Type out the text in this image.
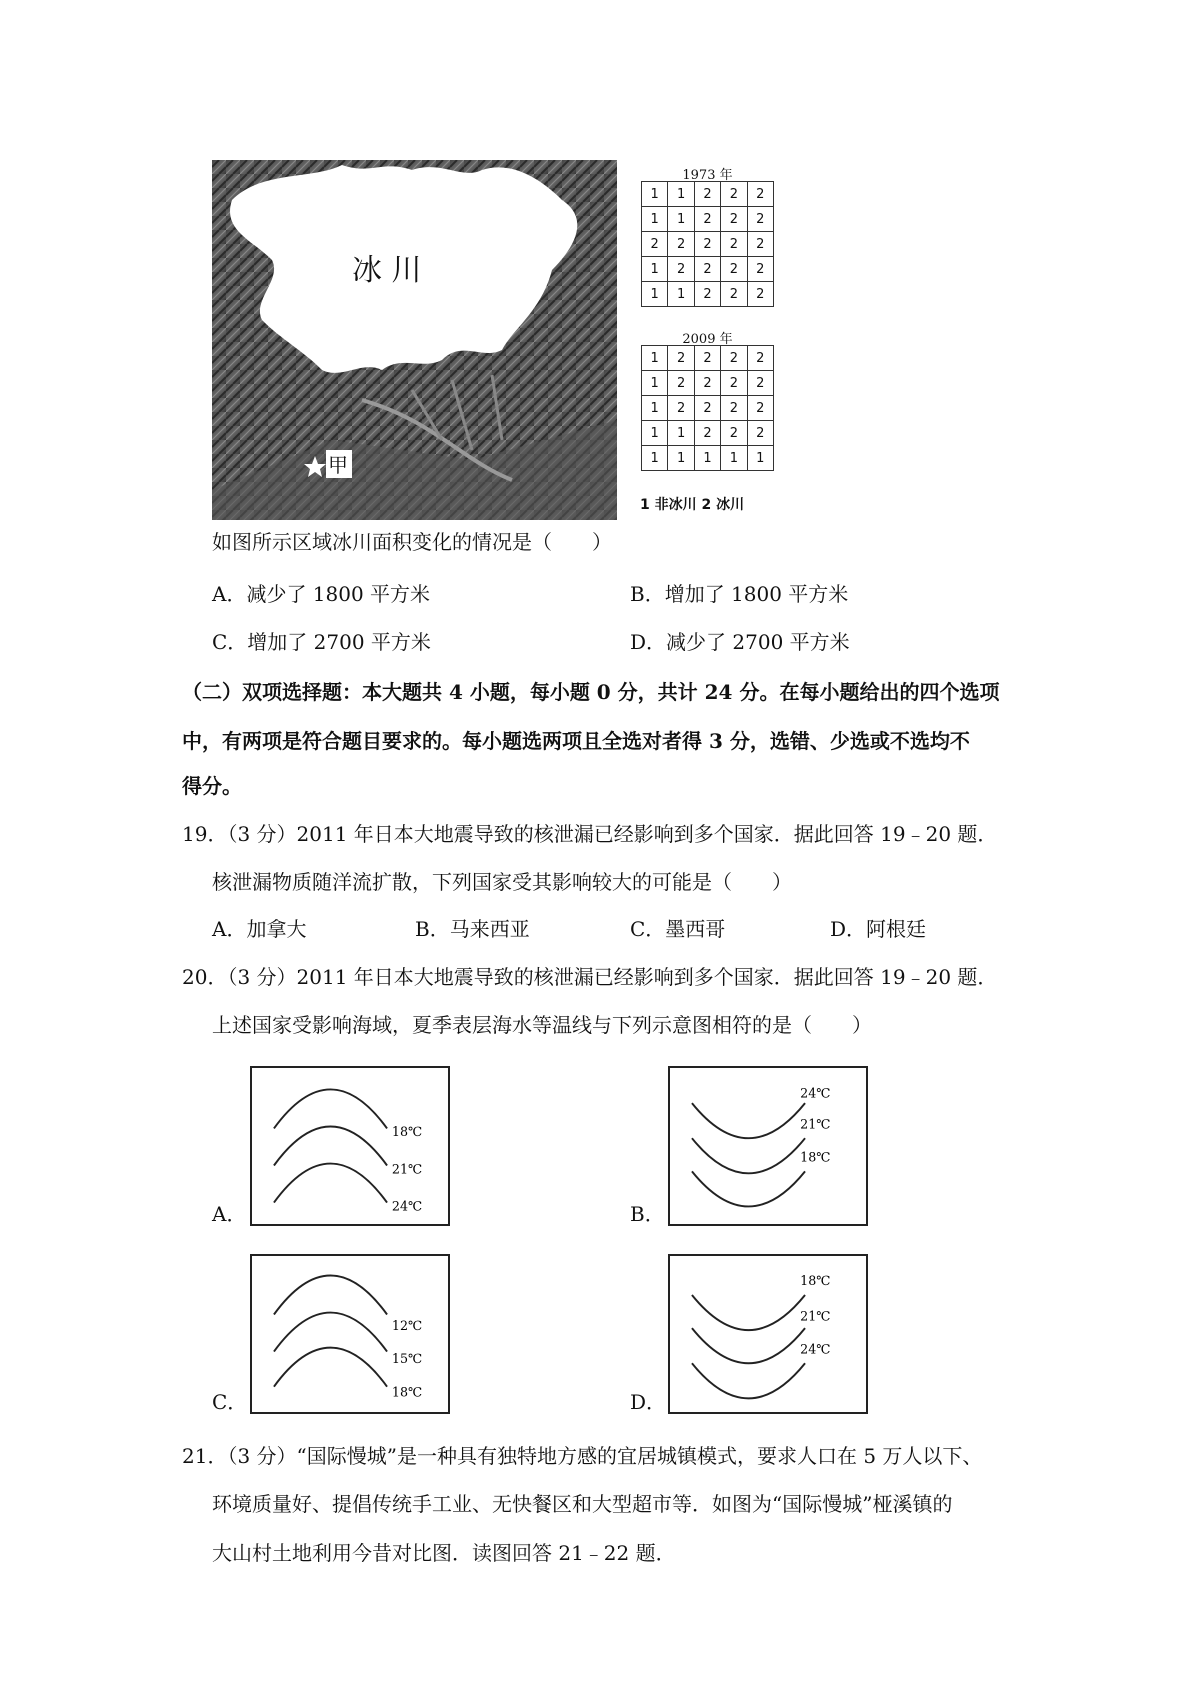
冰 川
甲
1973 年
1	1	2	2	2
1	1	2	2	2
2	2	2	2	2
1	2	2	2	2
1	1	2	2	2
2009 年
1	2	2	2	2
1	2	2	2	2
1	2	2	2	2
1	1	2	2	2
1	1	1	1	1
1 非冰川 2 冰川
如图所示区域冰川面积变化的情况是（　　）
A．减少了 1800 平方米	B．增加了 1800 平方米
C．增加了 2700 平方米	D．减少了 2700 平方米
（二）双项选择题：本大题共 4 小题，每小题 0 分，共计 24 分。在每小题给出的四个选项
中，有两项是符合题目要求的。每小题选两项且全选对者得 3 分，选错、少选或不选均不
得分。
19．（3 分）2011 年日本大地震导致的核泄漏已经影响到多个国家．据此回答 19﹣20 题．
核泄漏物质随洋流扩散，下列国家受其影响较大的可能是（　　）
A．加拿大	B．马来西亚	C．墨西哥	D．阿根廷
20．（3 分）2011 年日本大地震导致的核泄漏已经影响到多个国家．据此回答 19﹣20 题．
上述国家受影响海域，夏季表层海水等温线与下列示意图相符的是（　　）
A．
18℃
21℃
24℃	B．
24℃
21℃
18℃
C．
12℃
15℃
18℃	D．
18℃
21℃
24℃
21．（3 分）“国际慢城”是一种具有独特地方感的宜居城镇模式，要求人口在 5 万人以下、
环境质量好、提倡传统手工业、无快餐区和大型超市等．如图为“国际慢城”桠溪镇的
大山村土地利用今昔对比图．读图回答 21﹣22 题．
